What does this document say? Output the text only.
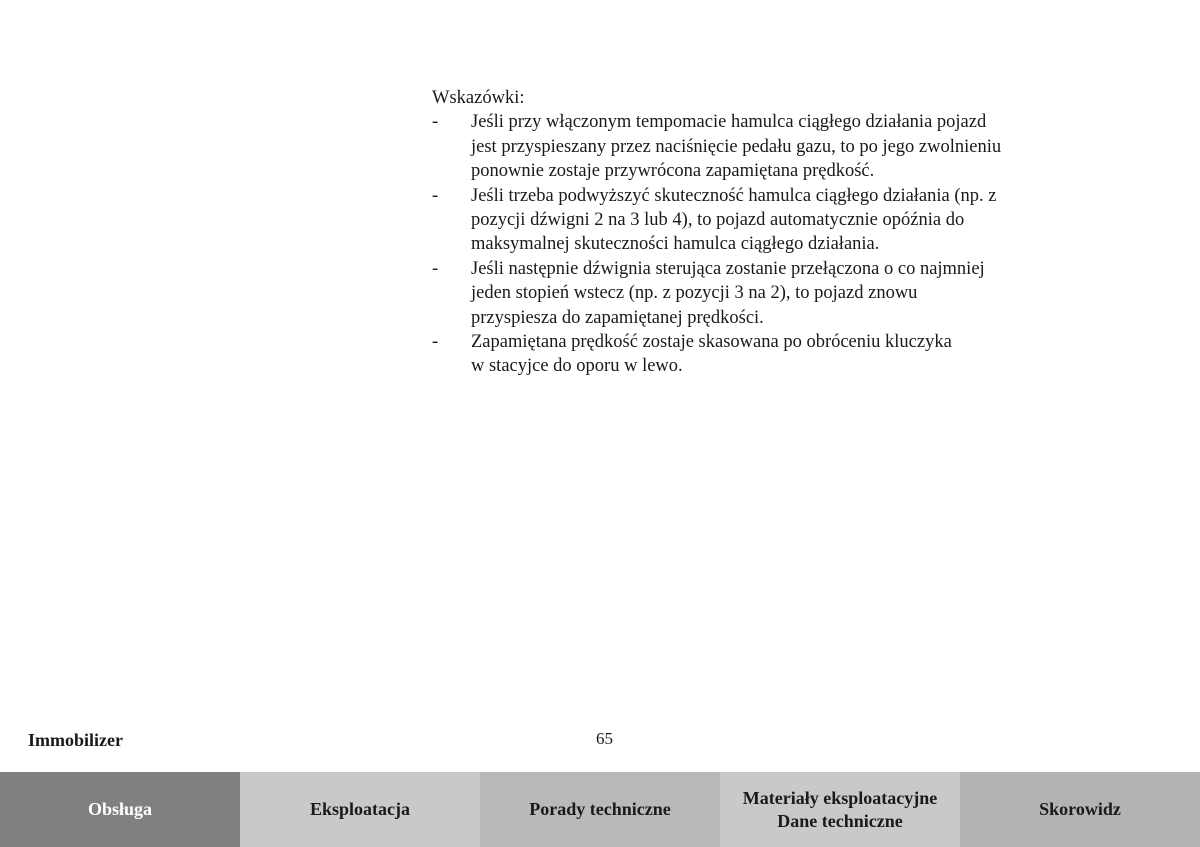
Wskazówki:

- Jeśli przy włączonym tempomacie hamulca ciągłego działania pojazd
jest przyspieszany przez naciśnięcie pedału gazu, to po jego zwolnieniu
ponownie zostaje przywrócona zapamiętana prędkość.
- Jeśli trzeba podwyższyć skuteczność hamulca ciągłego działania (np. z
pozycji dźwigni 2 na 3 lub 4), to pojazd automatycznie opóźnia do
maksymalnej skuteczności hamulca ciągłego działania.
- Jeśli następnie dźwignia sterująca zostanie przełączona o co najmniej
jeden stopień wstecz (np. z pozycji 3 na 2), to pojazd znowu
przyspiesza do zapamiętanej prędkości.
- Zapamiętana prędkość zostaje skasowana po obróceniu kluczyka
w stacyjce do oporu w lewo.
Immobilizer	65
Obsługa	Eksploatacja	Porady techniczne
Materiały eksploatacyjne
Dane techniczne
Skorowidz
